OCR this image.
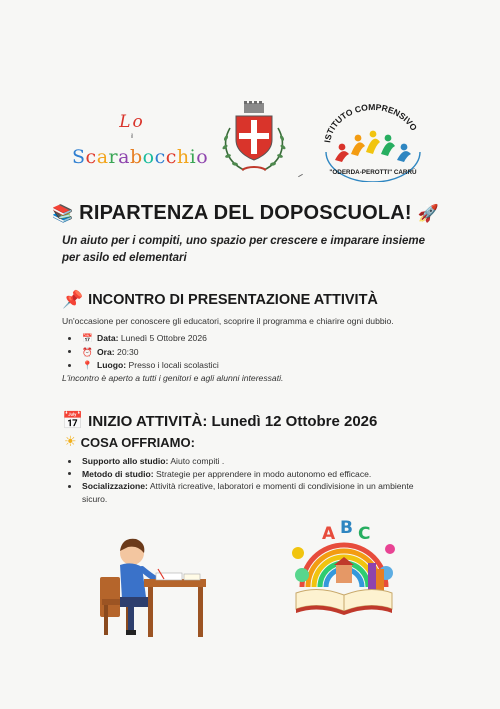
Lo
il
Scarabocchio
ISTITUTO COMPRENSIVO
"ODERDA-PEROTTI" CARRÙ
📚 RIPARTENZA DEL DOPOSCUOLA! 🚀
Un aiuto per i compiti, uno spazio per crescere e imparare insieme per asilo ed elementari
📌 INCONTRO DI PRESENTAZIONE ATTIVITÀ
Un'occasione per conoscere gli educatori, scoprire il programma e chiarire ogni dubbio.
📅 Data: Lunedì 5 Ottobre 2026
⏰ Ora: 20:30
📍 Luogo: Presso i locali scolastici
L'incontro è aperto a tutti i genitori e agli alunni interessati.
📅 INIZIO ATTIVITÀ: Lunedì 12 Ottobre 2026
☀ COSA OFFRIAMO:
Supporto allo studio: Aiuto compiti .
Metodo di studio: Strategie per apprendere in modo autonomo ed efficace.
Socializzazione: Attività ricreative, laboratori e momenti di condivisione in un ambiente sicuro.
A B C
